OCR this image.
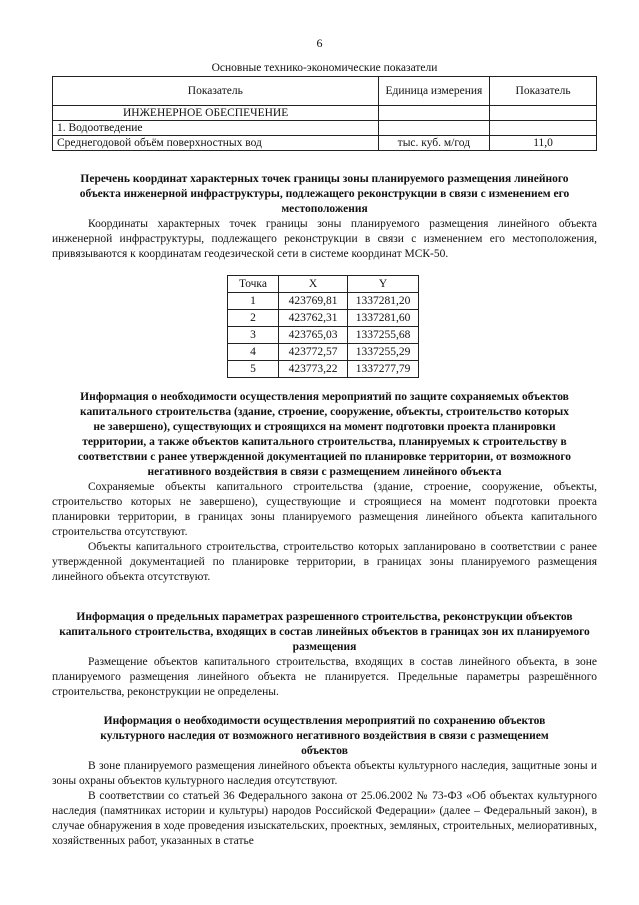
6
Основные технико-экономические показатели
Показатель	Единица измерения	Показатель
ИНЖЕНЕРНОЕ ОБЕСПЕЧЕНИЕ		
1. Водоотведение		
Среднегодовой объём поверхностных вод	тыс. куб. м/год	11,0
Перечень координат характерных точек границы зоны планируемого размещения линейного объекта инженерной инфраструктуры, подлежащего реконструкции в связи с изменением его местоположения
Координаты характерных точек границы зоны планируемого размещения линейного объекта инженерной инфраструктуры, подлежащего реконструкции в связи с изменением его местоположения, привязываются к координатам геодезической сети в системе координат МСК-50.
Точка	X	Y
1	423769,81	1337281,20
2	423762,31	1337281,60
3	423765,03	1337255,68
4	423772,57	1337255,29
5	423773,22	1337277,79
Информация о необходимости осуществления мероприятий по защите сохраняемых объектов капитального строительства (здание, строение, сооружение, объекты, строительство которых не завершено), существующих и строящихся на момент подготовки проекта планировки территории, а также объектов капитального строительства, планируемых к строительству в соответствии с ранее утвержденной документацией по планировке территории, от возможного негативного воздействия в связи с размещением линейного объекта
Сохраняемые объекты капитального строительства (здание, строение, сооружение, объекты, строительство которых не завершено), существующие и строящиеся на момент подготовки проекта планировки территории, в границах зоны планируемого размещения линейного объекта капитального строительства отсутствуют.
Объекты капитального строительства, строительство которых запланировано в соответствии с ранее утвержденной документацией по планировке территории, в границах зоны планируемого размещения линейного объекта отсутствуют.
Информация о предельных параметрах разрешенного строительства, реконструкции объектов капитального строительства, входящих в состав линейных объектов в границах зон их планируемого размещения
Размещение объектов капитального строительства, входящих в состав линейного объекта, в зоне планируемого размещения линейного объекта не планируется. Предельные параметры разрешённого строительства, реконструкции не определены.
Информация о необходимости осуществления мероприятий по сохранению объектов культурного наследия от возможного негативного воздействия в связи с размещением объектов
В зоне планируемого размещения линейного объекта объекты культурного наследия, защитные зоны и зоны охраны объектов культурного наследия отсутствуют.
В соответствии со статьей 36 Федерального закона от 25.06.2002 № 73-ФЗ «Об объектах культурного наследия (памятниках истории и культуры) народов Российской Федерации» (далее – Федеральный закон), в случае обнаружения в ходе проведения изыскательских, проектных, земляных, строительных, мелиоративных, хозяйственных работ, указанных в статье
